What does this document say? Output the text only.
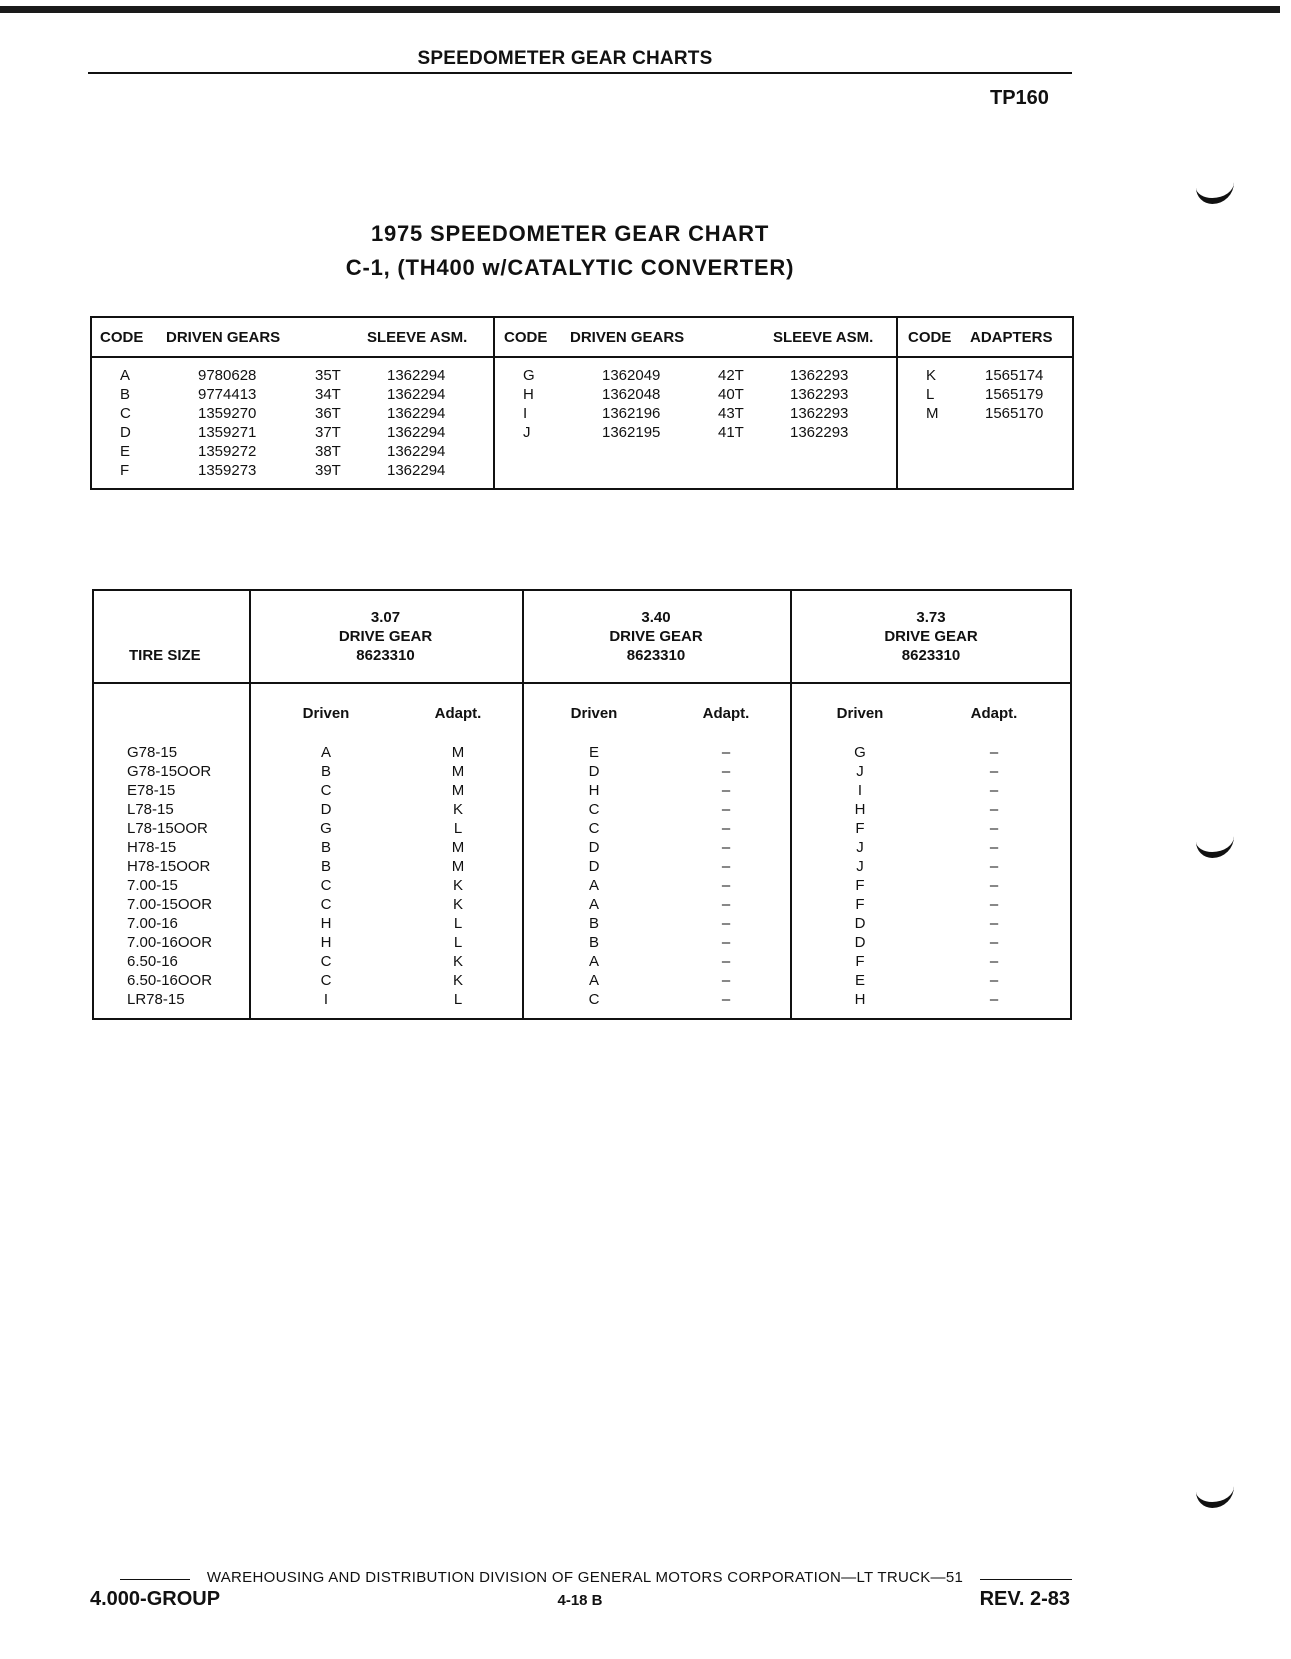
SPEEDOMETER GEAR CHARTS
TP160
1975 SPEEDOMETER GEAR CHART
C-1, (TH400 w/CATALYTIC CONVERTER)
CODE DRIVEN GEARS	SLEEVE ASM. CODE DRIVEN GEARS	SLEEVE ASM. CODE ADAPTERS
A	9780628	35T	1362294
B	9774413	34T	1362294
C	1359270	36T	1362294
D	1359271	37T	1362294
E	1359272	38T	1362294
F	1359273	39T	1362294
G	1362049	42T	1362293
H	1362048	40T	1362293
I	1362196	43T	1362293
J	1362195	41T	1362293
K	1565174
L	1565179
M	1565170
TIRE SIZE
3.07
DRIVE GEAR
8623310
3.40
DRIVE GEAR
8623310
3.73
DRIVE GEAR
8623310
Driven	Adapt.	Driven	Adapt.	Driven	Adapt.
G78-15	A	M	E	–	G	–
G78-15OOR	B	M	D	–	J	–
E78-15	C	M	H	–	I	–
L78-15	D	K	C	–	H	–
L78-15OOR	G	L	C	–	F	–
H78-15	B	M	D	–	J	–
H78-15OOR	B	M	D	–	J	–
7.00-15	C	K	A	–	F	–
7.00-15OOR	C	K	A	–	F	–
7.00-16	H	L	B	–	D	–
7.00-16OOR	H	L	B	–	D	–
6.50-16	C	K	A	–	F	–
6.50-16OOR	C	K	A	–	E	–
LR78-15	I	L	C	–	H	–
WAREHOUSING AND DISTRIBUTION DIVISION OF GENERAL MOTORS CORPORATION—LT TRUCK—51
4.000-GROUP	4-18 B	REV. 2-83
